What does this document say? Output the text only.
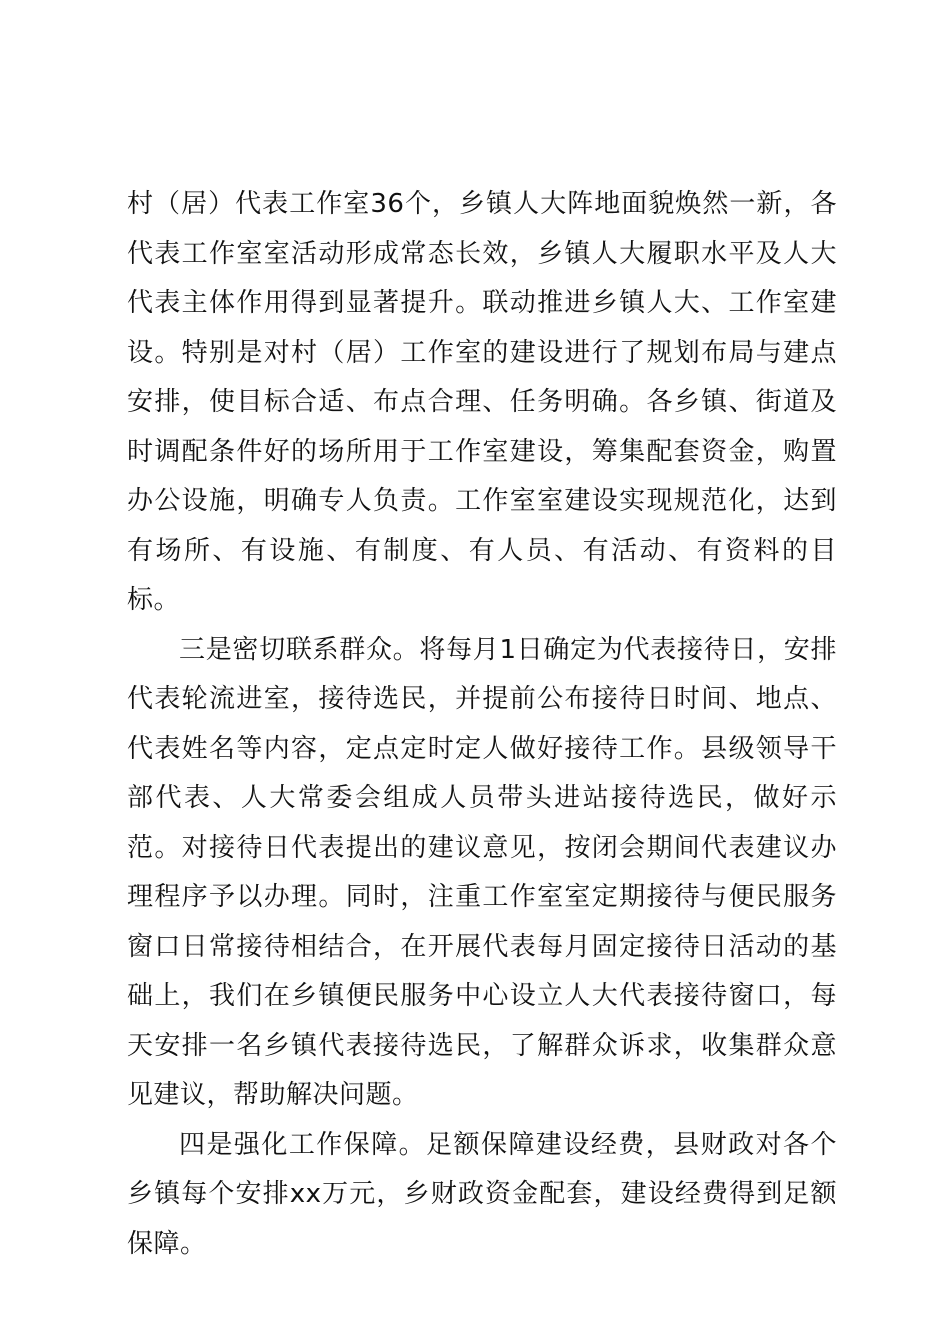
村（居）代表工作室36个，乡镇人大阵地面貌焕然一新，各代表工作室室活动形成常态长效，乡镇人大履职水平及人大代表主体作用得到显著提升。联动推进乡镇人大、工作室建设。特别是对村（居）工作室的建设进行了规划布局与建点安排，使目标合适、布点合理、任务明确。各乡镇、街道及时调配条件好的场所用于工作室建设，筹集配套资金，购置办公设施，明确专人负责。工作室室建设实现规范化，达到有场所、有设施、有制度、有人员、有活动、有资料的目标。

三是密切联系群众。将每月1日确定为代表接待日，安排代表轮流进室，接待选民，并提前公布接待日时间、地点、代表姓名等内容，定点定时定人做好接待工作。县级领导干部代表、人大常委会组成人员带头进站接待选民，做好示范。对接待日代表提出的建议意见，按闭会期间代表建议办理程序予以办理。同时，注重工作室室定期接待与便民服务窗口日常接待相结合，在开展代表每月固定接待日活动的基础上，我们在乡镇便民服务中心设立人大代表接待窗口，每天安排一名乡镇代表接待选民，了解群众诉求，收集群众意见建议，帮助解决问题。

四是强化工作保障。足额保障建设经费，县财政对各个乡镇每个安排xx万元，乡财政资金配套，建设经费得到足额保障。
